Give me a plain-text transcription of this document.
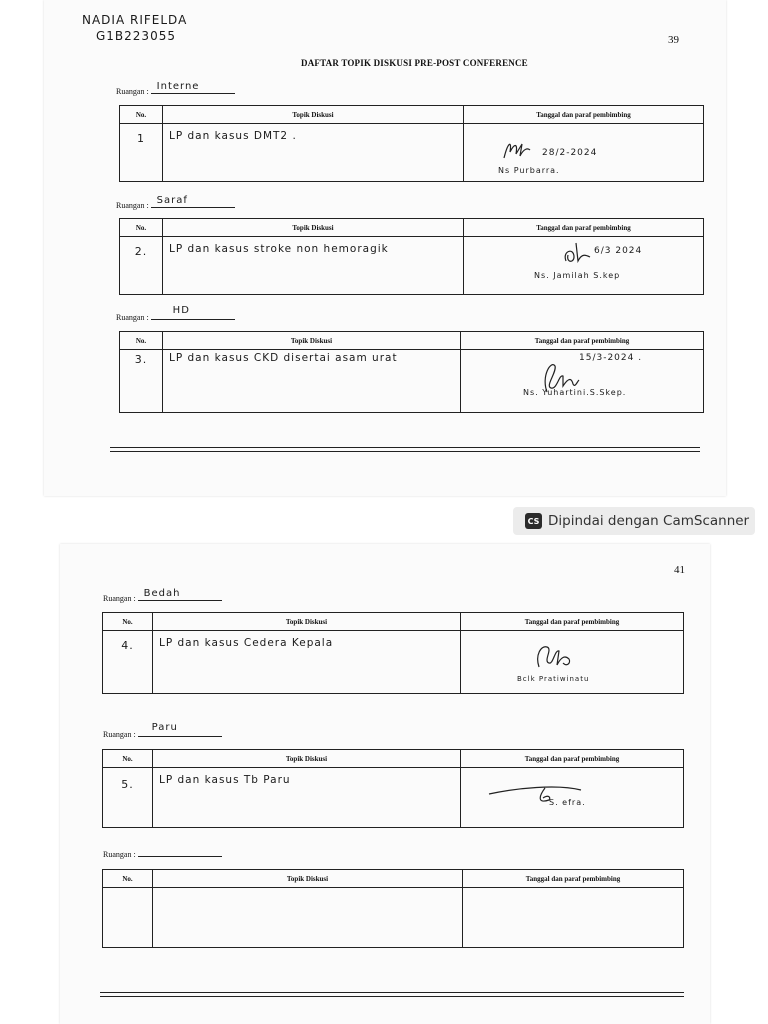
NADIA RIFELDA
G1B223055	39
DAFTAR TOPIK DISKUSI PRE-POST CONFERENCE
Ruangan : Interne
No.	Topik Diskusi	Tanggal dan paraf pembimbing
1	LP dan kasus DMT2 .	28/2-2024
Ns Purbarra.
Ruangan : Saraf
No.	Topik Diskusi	Tanggal dan paraf pembimbing
2.	LP dan kasus stroke non hemoragik	6/3 2024
Ns. Jamilah S.kep
Ruangan :
HD
No.	Topik Diskusi	Tanggal dan paraf pembimbing
3.	LP dan kasus CKD disertai asam urat	15/3-2024 .
Ns. Yuhartini.S.Skep.
CS Dipindai dengan CamScanner
41
Ruangan : Bedah
No.	Topik Diskusi	Tanggal dan paraf pembimbing
4.	LP dan kasus Cedera Kepala	Bclk Pratiwinatu
Ruangan :
Paru
No.	Topik Diskusi	Tanggal dan paraf pembimbing
5.	LP dan kasus Tb Paru	S. efra.
Ruangan :
No.	Topik Diskusi	Tanggal dan paraf pembimbing
